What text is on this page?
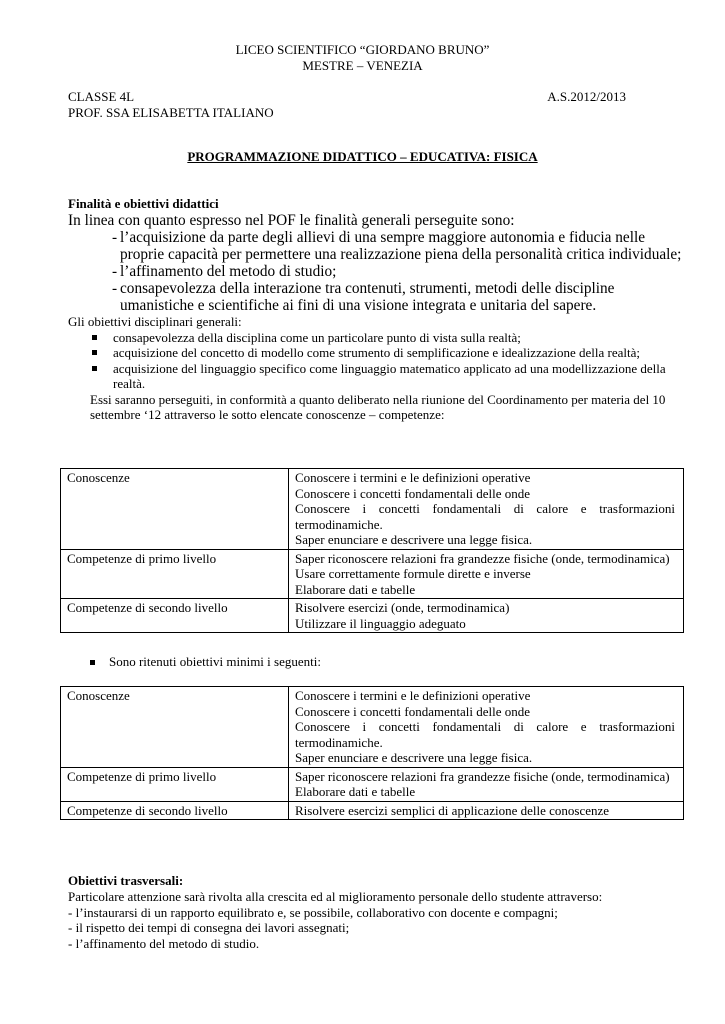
LICEO SCIENTIFICO “GIORDANO BRUNO”
MESTRE – VENEZIA
CLASSE 4L	A.S.2012/2013
PROF. SSA ELISABETTA ITALIANO
PROGRAMMAZIONE DIDATTICO – EDUCATIVA: FISICA
Finalità e obiettivi didattici
In linea con quanto espresso nel POF le finalità generali perseguite sono:
- l’acquisizione da parte degli allievi di una sempre maggiore autonomia e fiducia nelle proprie capacità per permettere una realizzazione piena della personalità critica individuale;
- l’affinamento del metodo di studio;
- consapevolezza della interazione tra contenuti, strumenti, metodi delle discipline umanistiche e scientifiche ai fini di una visione integrata e unitaria del sapere.
Gli obiettivi disciplinari generali:
consapevolezza della disciplina come un particolare punto di vista sulla realtà;
acquisizione del concetto di modello come strumento di semplificazione e idealizzazione della realtà;
acquisizione del linguaggio specifico come linguaggio matematico applicato ad una modellizzazione della realtà.
Essi saranno perseguiti, in conformità a quanto deliberato nella riunione del Coordinamento per materia del 10 settembre ‘12 attraverso le sotto elencate conoscenze – competenze:
Conoscenze	Conoscere i termini e le definizioni operative
Conoscere i concetti fondamentali delle onde
Conoscere i concetti fondamentali di calore e trasformazioni termodinamiche.
Saper enunciare e descrivere una legge fisica.

Competenze di primo livello	Saper riconoscere relazioni fra grandezze fisiche (onde, termodinamica)
Usare correttamente formule dirette e inverse
Elaborare dati e tabelle

Competenze di secondo livello	Risolvere esercizi (onde, termodinamica)
Utilizzare il linguaggio adeguato
Sono ritenuti obiettivi minimi i seguenti:
Conoscenze	Conoscere i termini e le definizioni operative
Conoscere i concetti fondamentali delle onde
Conoscere i concetti fondamentali di calore e trasformazioni termodinamiche.
Saper enunciare e descrivere una legge fisica.

Competenze di primo livello	Saper riconoscere relazioni fra grandezze fisiche (onde, termodinamica)
Elaborare dati e tabelle

Competenze di secondo livello	Risolvere esercizi semplici di applicazione delle conoscenze
Obiettivi trasversali:
Particolare attenzione sarà rivolta alla crescita ed al miglioramento personale dello studente attraverso:
- l’instaurarsi di un rapporto equilibrato e, se possibile, collaborativo con docente e compagni;
- il rispetto dei tempi di consegna dei lavori assegnati;
- l’affinamento del metodo di studio.
